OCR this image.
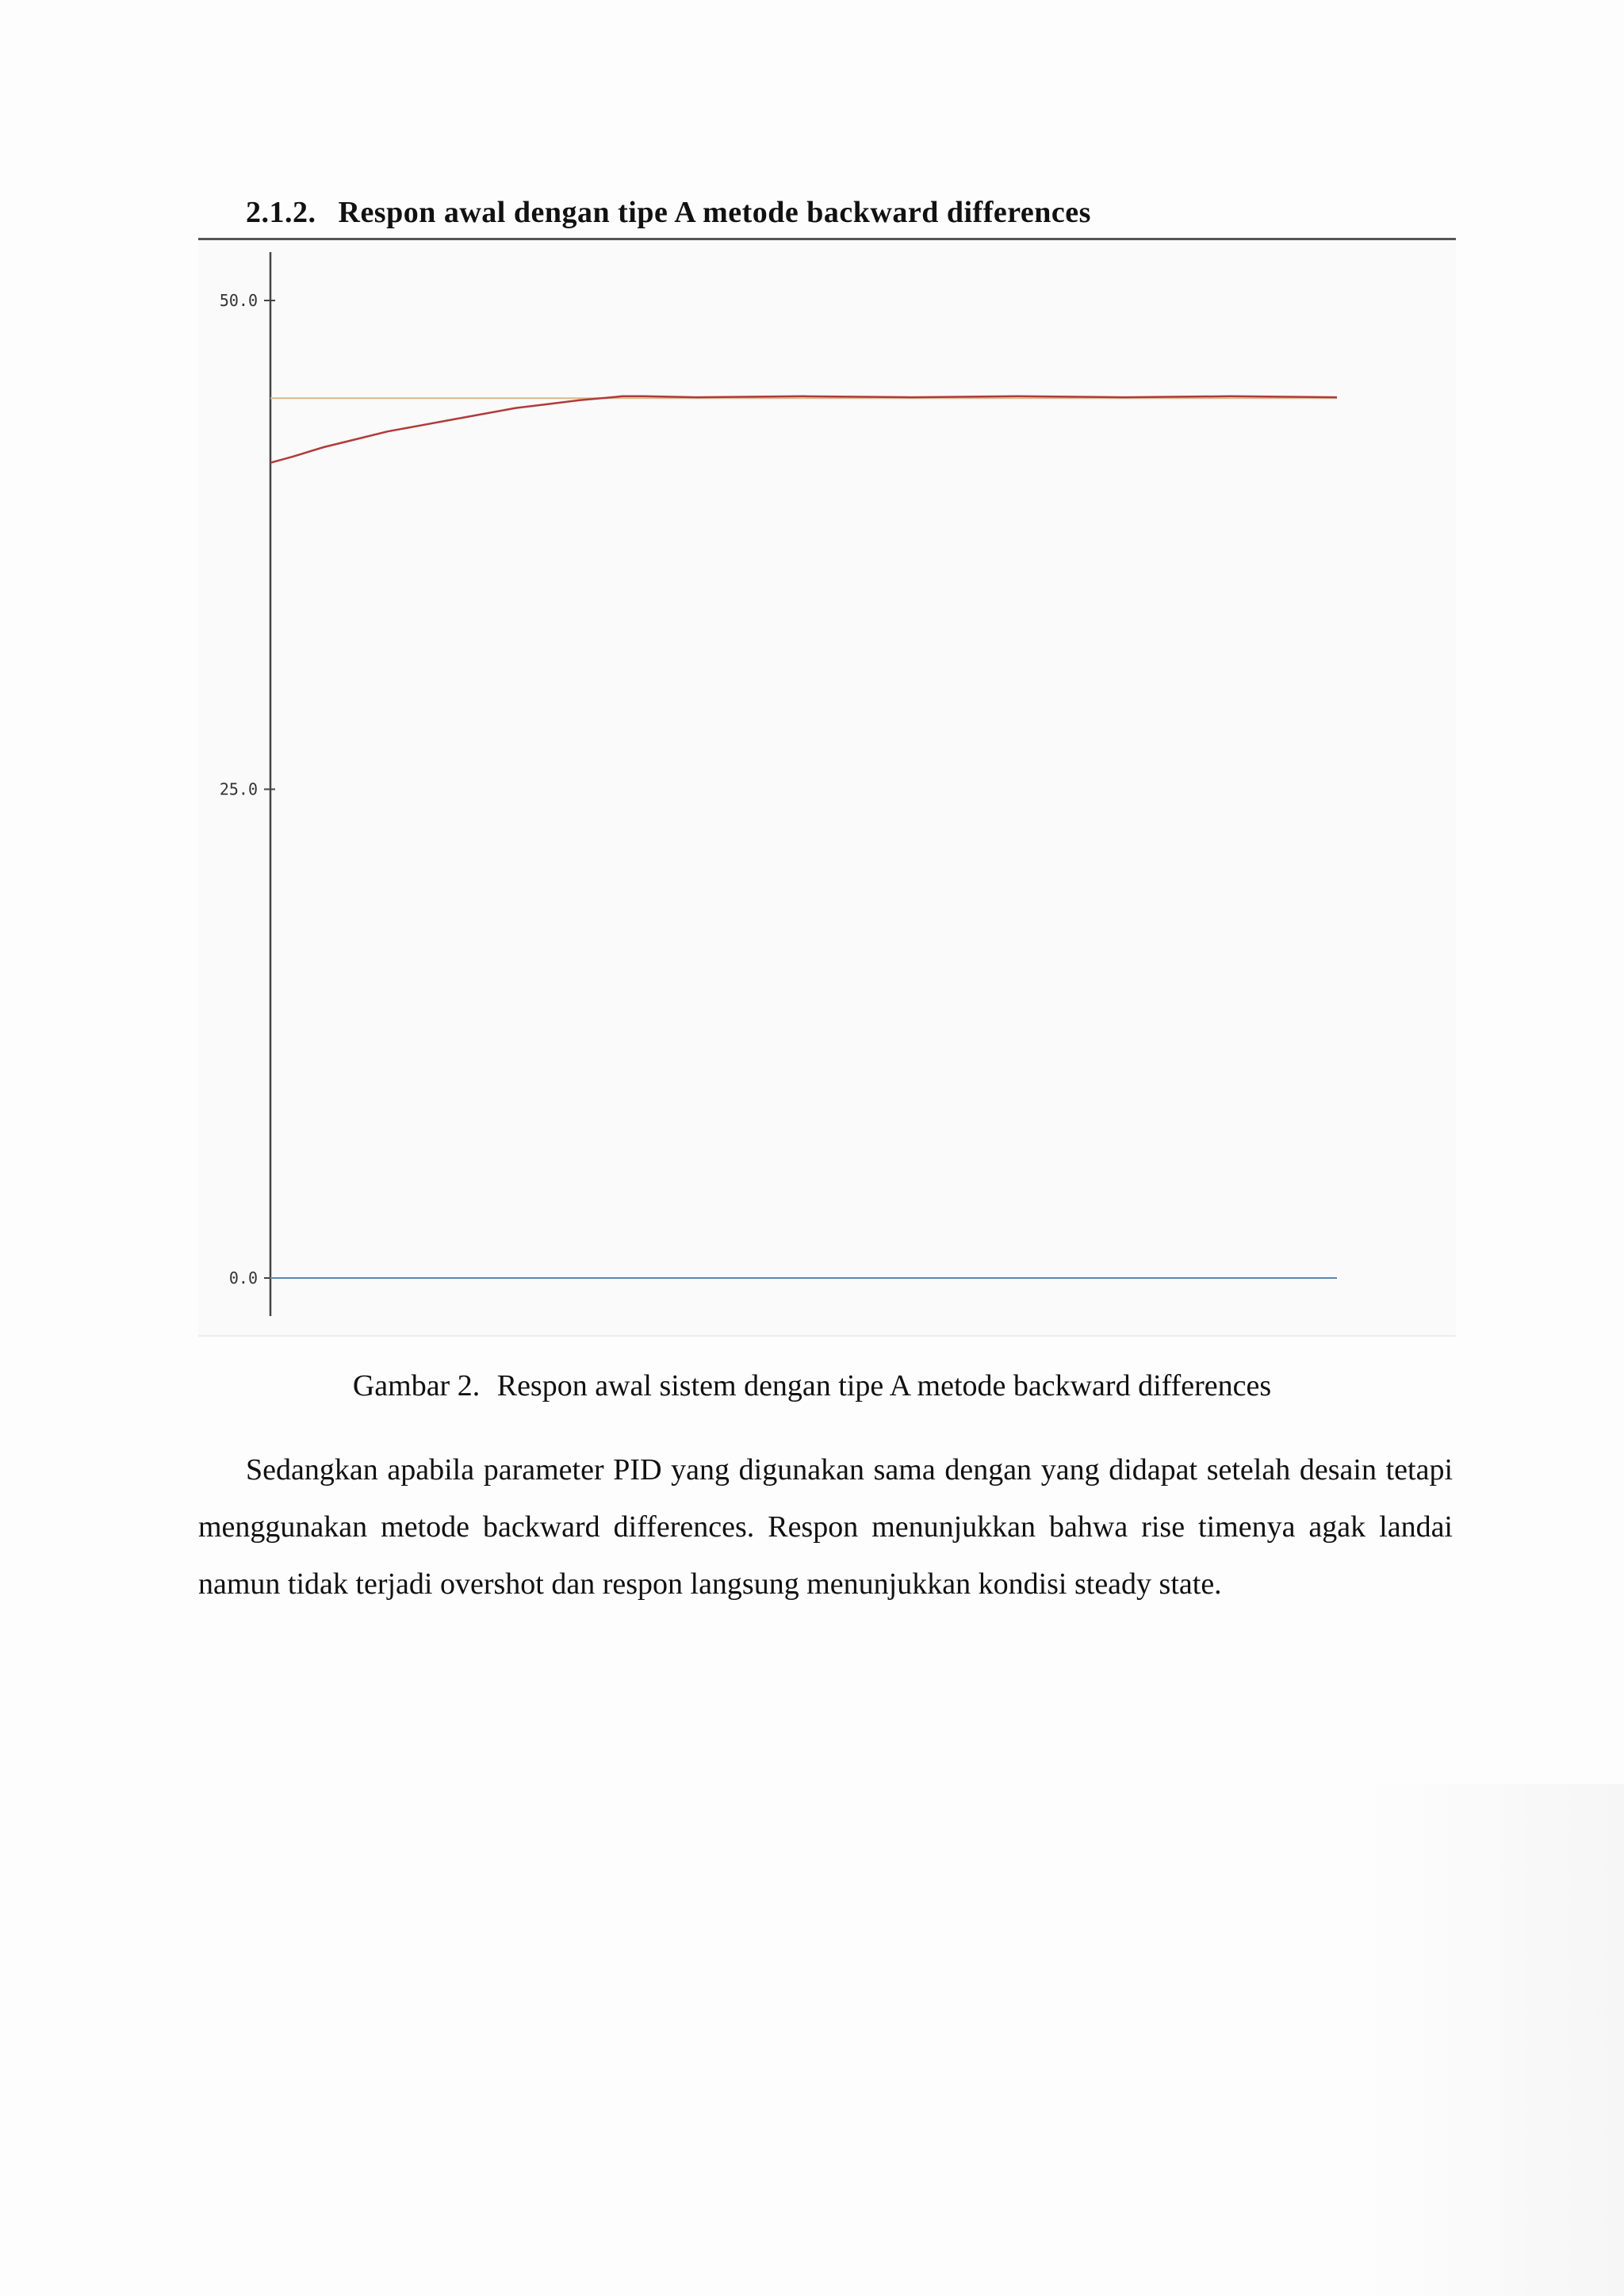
2.1.2. Respon awal dengan tipe A metode backward differences
0.0
25.0
50.0
Gambar 2. Respon awal sistem dengan tipe A metode backward differences

Sedangkan apabila parameter PID yang digunakan sama dengan yang didapat setelah desain tetapi menggunakan metode backward differences. Respon menunjukkan bahwa rise timenya agak landai namun tidak terjadi overshot dan respon langsung menunjukkan kondisi steady state.
